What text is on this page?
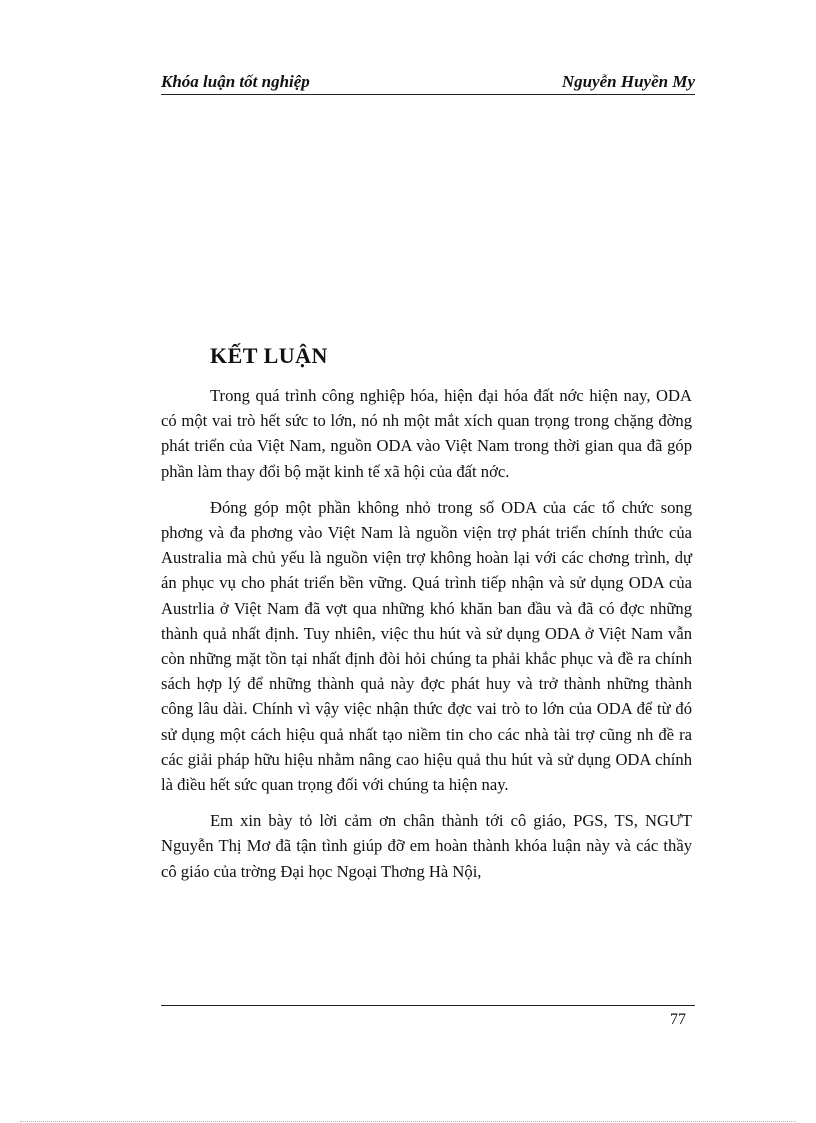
Khóa luận tốt nghiệp	Nguyễn Huyền My
KẾT LUẬN

Trong quá trình công nghiệp hóa, hiện đại hóa đất nớc hiện nay, ODA có một vai trò hết sức to lớn, nó nh một mắt xích quan trọng trong chặng đờng phát triển của Việt Nam, nguồn ODA vào Việt Nam trong thời gian qua đã góp phần làm thay đổi bộ mặt kinh tế xã hội của đất nớc.

Đóng góp một phần không nhỏ trong số ODA của các tổ chức song phơng và đa phơng vào Việt Nam là nguồn viện trợ phát triển chính thức của Australia mà chủ yếu là nguồn viện trợ không hoàn lại với các chơng trình, dự án phục vụ cho phát triển bền vững. Quá trình tiếp nhận và sử dụng ODA của Austrlia ở Việt Nam đã vợt qua những khó khăn ban đầu và đã có đợc những thành quả nhất định. Tuy nhiên, việc thu hút và sử dụng ODA ở Việt Nam vẫn còn những mặt tồn tại nhất định đòi hỏi chúng ta phải khắc phục và đề ra chính sách hợp lý để những thành quả này đợc phát huy và trở thành những thành công lâu dài. Chính vì vậy việc nhận thức đợc vai trò to lớn của ODA để từ đó sử dụng một cách hiệu quả nhất tạo niềm tin cho các nhà tài trợ cũng nh đề ra các giải pháp hữu hiệu nhằm nâng cao hiệu quả thu hút và sử dụng ODA chính là điều hết sức quan trọng đối với chúng ta hiện nay.

Em xin bày tỏ lời cảm ơn chân thành tới cô giáo, PGS, TS, NGƯT Nguyễn Thị Mơ đã tận tình giúp đỡ em hoàn thành khóa luận này và các thầy cô giáo của trờng Đại học Ngoại Thơng Hà Nội,

77
